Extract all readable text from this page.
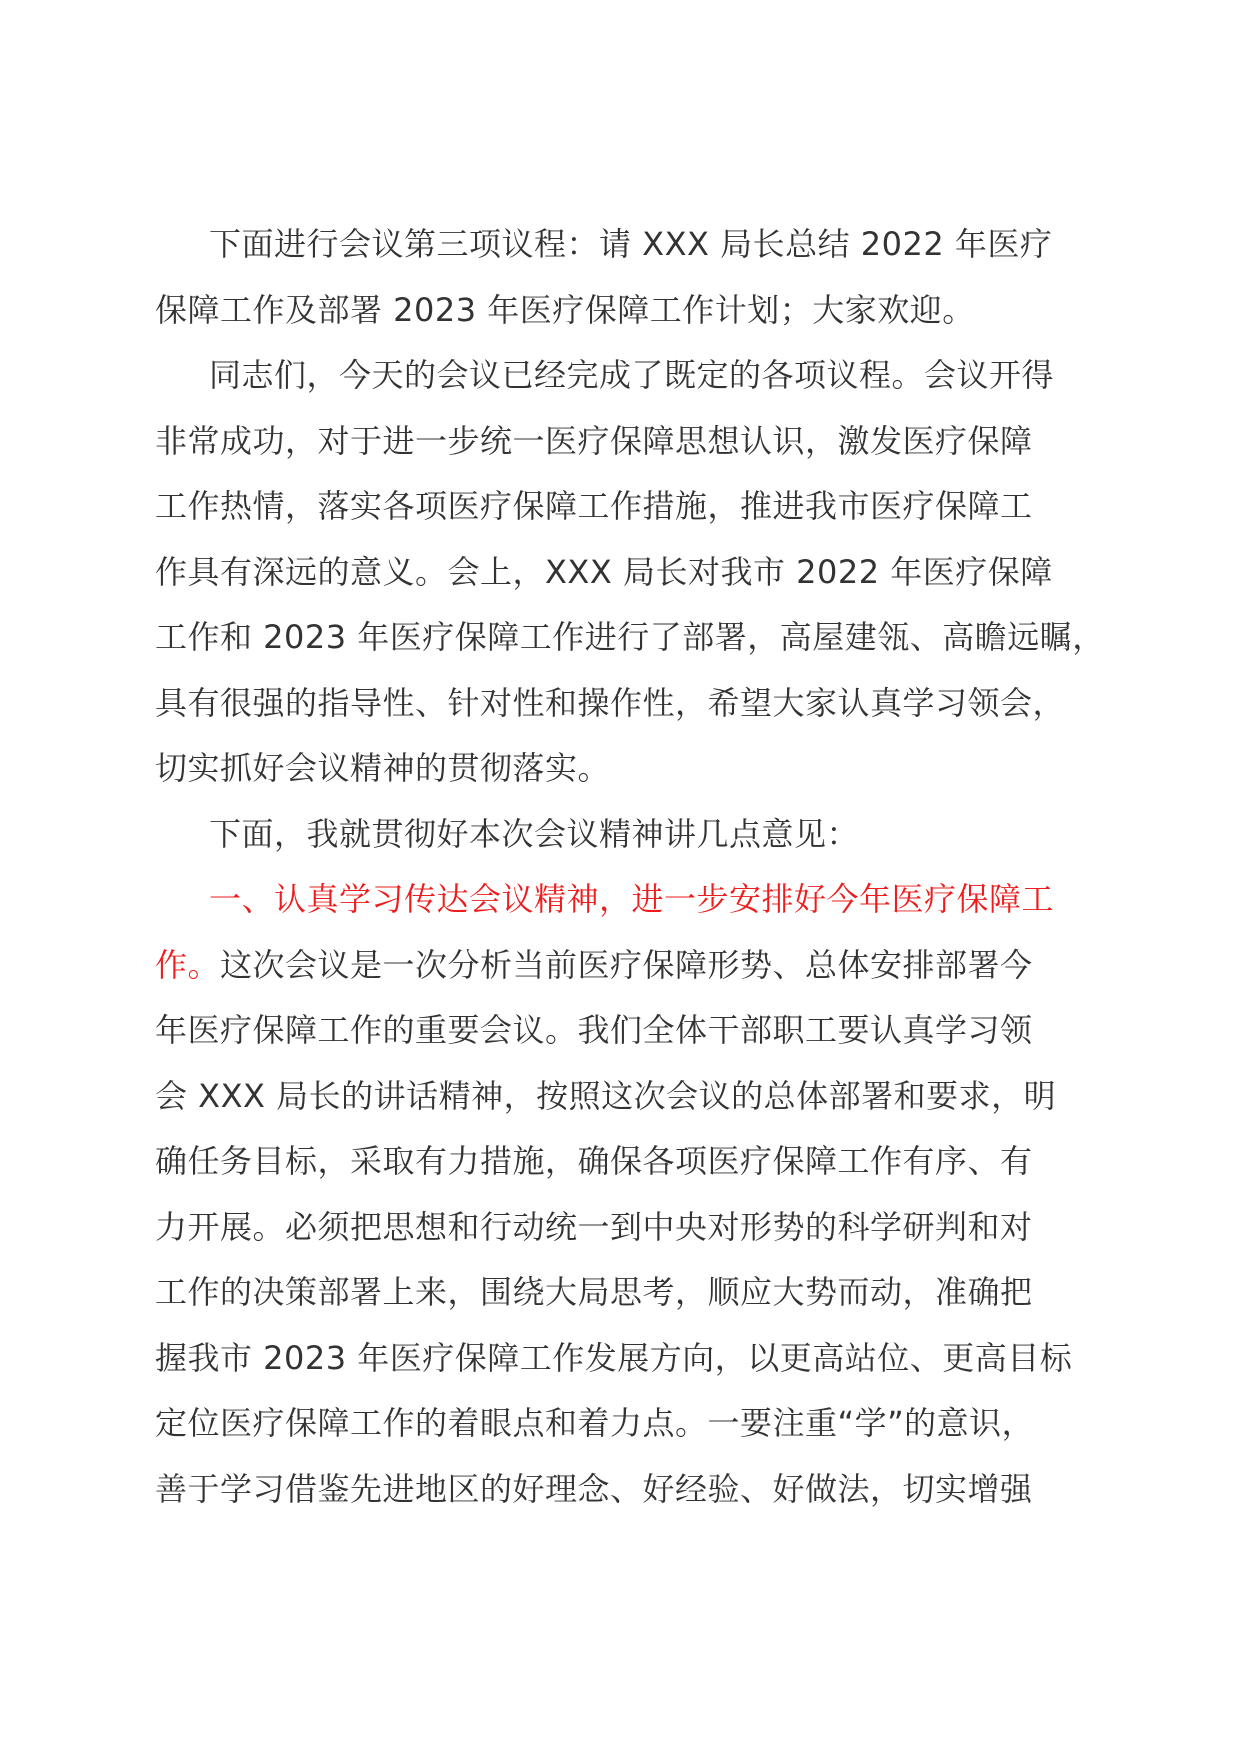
下面进行会议第三项议程：请 XXX 局长总结 2022 年医疗
保障工作及部署 2023 年医疗保障工作计划；大家欢迎。
同志们，今天的会议已经完成了既定的各项议程。会议开得
非常成功，对于进一步统一医疗保障思想认识，激发医疗保障
工作热情，落实各项医疗保障工作措施，推进我市医疗保障工
作具有深远的意义。会上，XXX 局长对我市 2022 年医疗保障
工作和 2023 年医疗保障工作进行了部署，高屋建瓴、高瞻远瞩，
具有很强的指导性、针对性和操作性，希望大家认真学习领会，
切实抓好会议精神的贯彻落实。
下面，我就贯彻好本次会议精神讲几点意见：
一、认真学习传达会议精神，进一步安排好今年医疗保障工
作。这次会议是一次分析当前医疗保障形势、总体安排部署今
年医疗保障工作的重要会议。我们全体干部职工要认真学习领
会 XXX 局长的讲话精神，按照这次会议的总体部署和要求，明
确任务目标，采取有力措施，确保各项医疗保障工作有序、有
力开展。必须把思想和行动统一到中央对形势的科学研判和对
工作的决策部署上来，围绕大局思考，顺应大势而动，准确把
握我市 2023 年医疗保障工作发展方向，以更高站位、更高目标
定位医疗保障工作的着眼点和着力点。一要注重“学”的意识，
善于学习借鉴先进地区的好理念、好经验、好做法，切实增强
